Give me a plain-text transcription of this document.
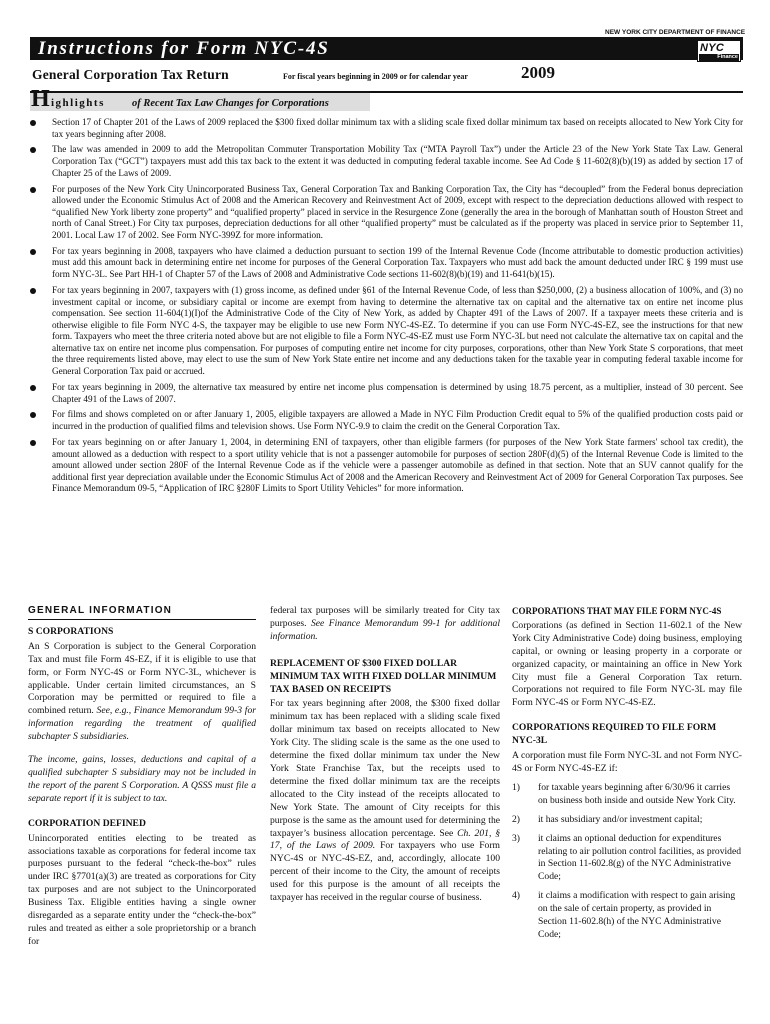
NEW YORK CITY DEPARTMENT OF FINANCE
Instructions for Form NYC-4S	NYC
Finance
General Corporation Tax Return	For fiscal years beginning in 2009 or for calendar year	2009
H ighlights	of Recent Tax Law Changes for Corporations
Section 17 of Chapter 201 of the Laws of 2009 replaced the $300 fixed dollar minimum tax with a sliding scale fixed dollar minimum tax based on receipts allocated to New York City for tax years beginning after 2008.
The law was amended in 2009 to add the Metropolitan Commuter Transportation Mobility Tax (“MTA Payroll Tax”) under the Article 23 of the New York State Tax Law. General Corporation Tax (“GCT”) taxpayers must add this tax back to the extent it was deducted in computing federal taxable income. See Ad Code § 11-602(8)(b)(19) as added by section 17 of Chapter 25 of the Laws of 2009.
For purposes of the New York City Unincorporated Business Tax, General Corporation Tax and Banking Corporation Tax, the City has “decoupled” from the Federal bonus depreciation allowed under the Economic Stimulus Act of 2008 and the American Recovery and Reinvestment Act of 2009, except with respect to the depreciation deductions allowed with respect to “qualified New York liberty zone property” and “qualified property” placed in service in the Resurgence Zone (generally the area in the borough of Manhattan south of Houston Street and north of Canal Street.) For City tax purposes, depreciation deductions for all other “qualified property” must be calculated as if the property was placed in service prior to September 11, 2001. Local Law 17 of 2002. See Form NYC-399Z for more information.
For tax years beginning in 2008, taxpayers who have claimed a deduction pursuant to section 199 of the Internal Revenue Code (Income attributable to domestic production activities) must add this amount back in determining entire net income for purposes of the General Corporation Tax. Taxpayers who must add back the amount deducted under IRC § 199 must use form NYC-3L. See Part HH-1 of Chapter 57 of the Laws of 2008 and Administrative Code sections 11-602(8)(b)(19) and 11-641(b)(15).
For tax years beginning in 2007, taxpayers with (1) gross income, as defined under §61 of the Internal Revenue Code, of less than $250,000, (2) a business allocation of 100%, and (3) no investment capital or income, or subsidiary capital or income are exempt from having to determine the alternative tax on capital and the alternative tax on entire net income plus compensation. See section 11-604(1)(I)of the Administrative Code of the City of New York, as added by Chapter 491 of the Laws of 2007. If a taxpayer meets these criteria and is otherwise eligible to file Form NYC 4-S, the taxpayer may be eligible to use new Form NYC-4S-EZ. To determine if you can use Form NYC-4S-EZ, see the instructions for that new form. Taxpayers who meet the three criteria noted above but are not eligible to file a Form NYC-4S-EZ must use Form NYC-3L but need not calculate the alternative tax on capital and the alternative tax on entire net income plus compensation. For purposes of computing entire net income for city purposes, corporations, other than New York State S corporations, that meet the three requirements listed above, may elect to use the sum of New York State entire net income and any deductions taken for the taxable year in computing federal taxable income for General Corporation Tax paid or accrued.
For tax years beginning in 2009, the alternative tax measured by entire net income plus compensation is determined by using 18.75 percent, as a multiplier, instead of 30 percent. See Chapter 491 of the Laws of 2007.
For films and shows completed on or after January 1, 2005, eligible taxpayers are allowed a Made in NYC Film Production Credit equal to 5% of the qualified production costs paid or incurred in the production of qualified films and television shows. Use Form NYC-9.9 to claim the credit on the General Corporation Tax.
For tax years beginning on or after January 1, 2004, in determining ENI of taxpayers, other than eligible farmers (for purposes of the New York State farmers' school tax credit), the amount allowed as a deduction with respect to a sport utility vehicle that is not a passenger automobile for purposes of section 280F(d)(5) of the Internal Revenue Code is limited to the amount allowed under section 280F of the Internal Revenue Code as if the vehicle were a passenger automobile as defined in that section. Note that an SUV cannot qualify for the additional first year depreciation available under the Economic Stimulus Act of 2008 and the American Recovery and Reinvestment Act of 2009 for General Corporation Tax purposes. See Finance Memorandum 09-5, “Application of IRC §280F Limits to Sport Utility Vehicles” for more information.

GENERAL INFORMATION

S CORPORATIONS

An S Corporation is subject to the General Corporation Tax and must file Form 4S-EZ, if it is eligible to use that form, or Form NYC-4S or Form NYC-3L, whichever is applicable. Under certain limited circumstances, an S Corporation may be permitted or required to file a combined return. See, e.g., Finance Memorandum 99-3 for information regarding the treatment of qualified subchapter S subsidiaries.

The income, gains, losses, deductions and capital of a qualified subchapter S subsidiary may not be included in the report of the parent S Corporation. A QSSS must file a separate report if it is subject to tax.

CORPORATION DEFINED

Unincorporated entities electing to be treated as associations taxable as corporations for federal income tax purposes pursuant to the federal “check-the-box” rules under IRC §7701(a)(3) are treated as corporations for City tax purposes and are not subject to the Unincorporated Business Tax. Eligible entities having a single owner disregarded as a separate entity under the “check-the-box” rules and treated as either a sole proprietorship or a branch for

federal tax purposes will be similarly treated for City tax purposes. See Finance Memorandum 99-1 for additional information.

REPLACEMENT OF $300 FIXED DOLLAR MINIMUM TAX WITH FIXED DOLLAR MINIMUM TAX BASED ON RECEIPTS

For tax years beginning after 2008, the $300 fixed dollar minimum tax has been replaced with a sliding scale fixed dollar minimum tax based on receipts allocated to New York City. The sliding scale is the same as the one used to determine the fixed dollar minimum tax under the New York State Franchise Tax, but the receipts used to determine the fixed dollar minimum tax are the receipts allocated to the City instead of the receipts allocated to New York State. The amount of City receipts for this purpose is the same as the amount used for determining the taxpayer’s business allocation percentage. See Ch. 201, § 17, of the Laws of 2009. For taxpayers who use Form NYC-4S or NYC-4S-EZ, and, accordingly, allocate 100 percent of their income to the City, the amount of receipts used for this purpose is the amount of all receipts the taxpayer has received in the regular course of business.

CORPORATIONS THAT MAY FILE FORM NYC-4S

Corporations (as defined in Section 11-602.1 of the New York City Administrative Code) doing business, employing capital, or owning or leasing property in a corporate or organized capacity, or maintaining an office in New York City must file a General Corporation Tax return. Corporations not required to file Form NYC-3L may file Form NYC-4S or Form NYC-4S-EZ.

CORPORATIONS REQUIRED TO FILE FORM NYC-3L

A corporation must file Form NYC-3L and not Form NYC-4S or Form NYC-4S-EZ if:

1) for taxable years beginning after 6/30/96 it carries on business both inside and outside New York City.
2) it has subsidiary and/or investment capital;
3) it claims an optional deduction for expenditures relating to air pollution control facilities, as provided in Section 11-602.8(g) of the NYC Administrative Code;
4) it claims a modification with respect to gain arising on the sale of certain property, as provided in Section 11-602.8(h) of the NYC Administrative Code;
